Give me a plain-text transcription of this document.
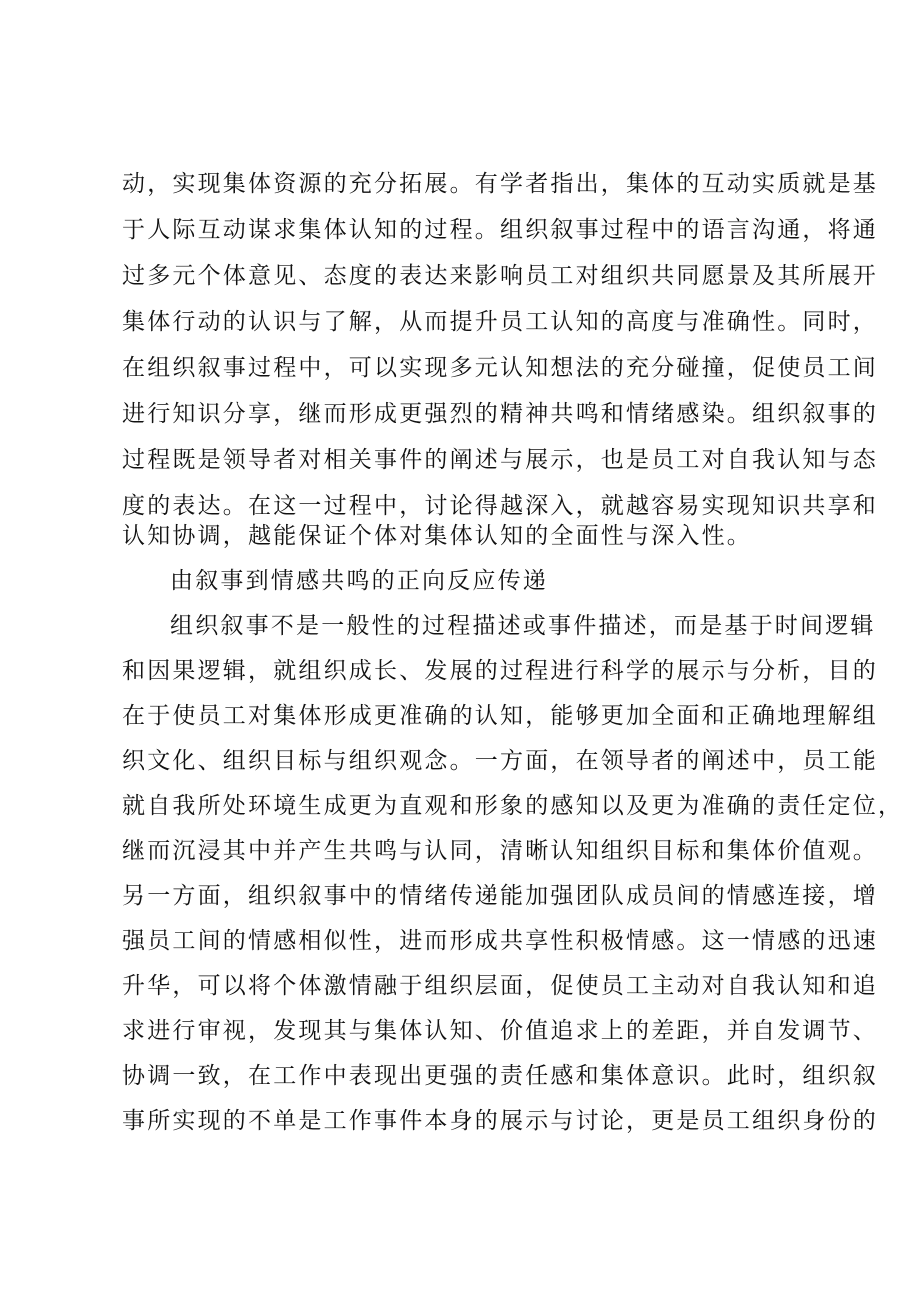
动，实现集体资源的充分拓展。有学者指出，集体的互动实质就是基
于人际互动谋求集体认知的过程。组织叙事过程中的语言沟通，将通
过多元个体意见、态度的表达来影响员工对组织共同愿景及其所展开
集体行动的认识与了解，从而提升员工认知的高度与准确性。同时，
在组织叙事过程中，可以实现多元认知想法的充分碰撞，促使员工间
进行知识分享，继而形成更强烈的精神共鸣和情绪感染。组织叙事的
过程既是领导者对相关事件的阐述与展示，也是员工对自我认知与态
度的表达。在这一过程中，讨论得越深入，就越容易实现知识共享和
认知协调，越能保证个体对集体认知的全面性与深入性。
由叙事到情感共鸣的正向反应传递
组织叙事不是一般性的过程描述或事件描述，而是基于时间逻辑
和因果逻辑，就组织成长、发展的过程进行科学的展示与分析，目的
在于使员工对集体形成更准确的认知，能够更加全面和正确地理解组
织文化、组织目标与组织观念。一方面，在领导者的阐述中，员工能
就自我所处环境生成更为直观和形象的感知以及更为准确的责任定位，
继而沉浸其中并产生共鸣与认同，清晰认知组织目标和集体价值观。
另一方面，组织叙事中的情绪传递能加强团队成员间的情感连接，增
强员工间的情感相似性，进而形成共享性积极情感。这一情感的迅速
升华，可以将个体激情融于组织层面，促使员工主动对自我认知和追
求进行审视，发现其与集体认知、价值追求上的差距，并自发调节、
协调一致，在工作中表现出更强的责任感和集体意识。此时，组织叙
事所实现的不单是工作事件本身的展示与讨论，更是员工组织身份的
